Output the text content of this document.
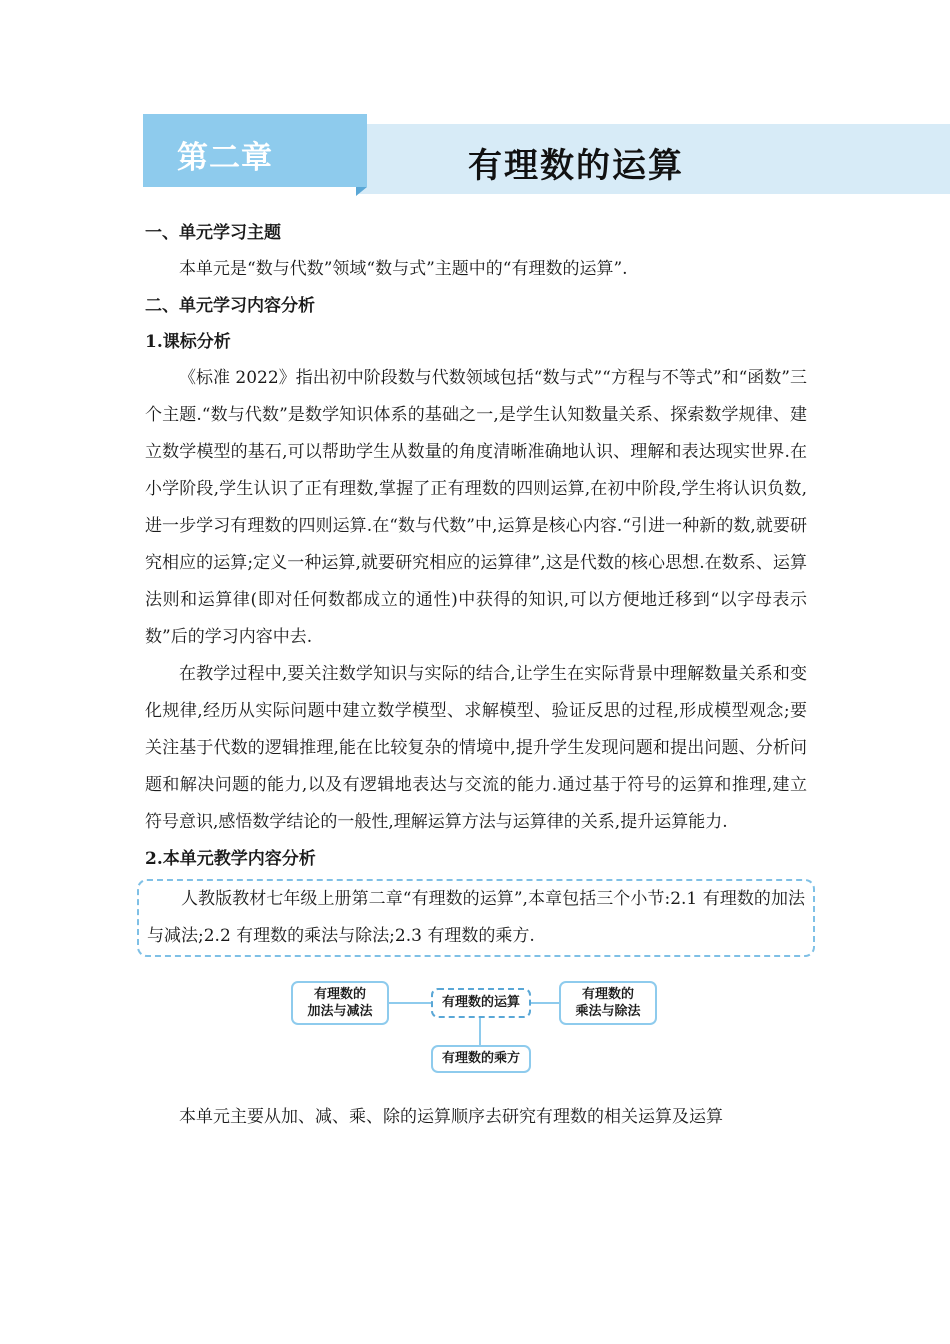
第二章	有理数的运算
一、单元学习主题

本单元是“数与代数”领域“数与式”主题中的“有理数的运算”.

二、单元学习内容分析
1.课标分析

《标准 2022》指出初中阶段数与代数领域包括“数与式”“方程与不等式”和“函数”三个主题.“数与代数”是数学知识体系的基础之一,是学生认知数量关系、探索数学规律、建立数学模型的基石,可以帮助学生从数量的角度清晰准确地认识、理解和表达现实世界.在小学阶段,学生认识了正有理数,掌握了正有理数的四则运算,在初中阶段,学生将认识负数,进一步学习有理数的四则运算.在“数与代数”中,运算是核心内容.“引进一种新的数,就要研究相应的运算;定义一种运算,就要研究相应的运算律”,这是代数的核心思想.在数系、运算法则和运算律(即对任何数都成立的通性)中获得的知识,可以方便地迁移到“以字母表示数”后的学习内容中去.

在教学过程中,要关注数学知识与实际的结合,让学生在实际背景中理解数量关系和变化规律,经历从实际问题中建立数学模型、求解模型、验证反思的过程,形成模型观念;要关注基于代数的逻辑推理,能在比较复杂的情境中,提升学生发现问题和提出问题、分析问题和解决问题的能力,以及有逻辑地表达与交流的能力.通过基于符号的运算和推理,建立符号意识,感悟数学结论的一般性,理解运算方法与运算律的关系,提升运算能力.

2.本单元教学内容分析

人教版教材七年级上册第二章“有理数的运算”,本章包括三个小节:2.1 有理数的加法与减法;2.2 有理数的乘法与除法;2.3 有理数的乘方.

有理数的
加法与减法
有理数的运算
有理数的
乘法与除法
有理数的乘方

本单元主要从加、减、乘、除的运算顺序去研究有理数的相关运算及运算
